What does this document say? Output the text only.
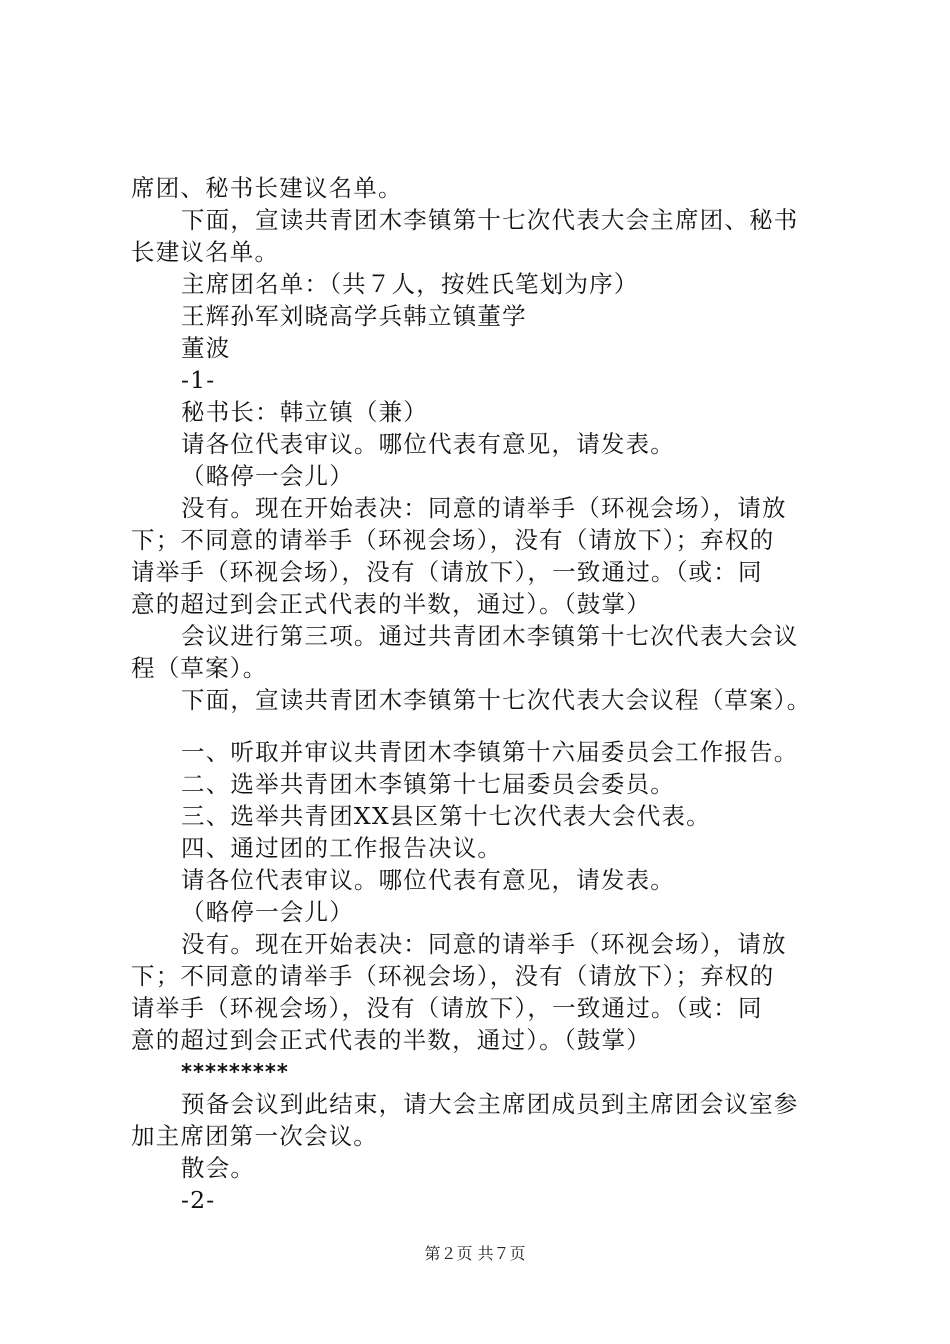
席团、秘书长建议名单。
下面，宣读共青团木李镇第十七次代表大会主席团、秘书
长建议名单。
主席团名单：（共７人，按姓氏笔划为序）
王辉孙军刘晓高学兵韩立镇董学
董波
-1-
秘书长：韩立镇（兼）
请各位代表审议。哪位代表有意见，请发表。
（略停一会儿）
没有。现在开始表决：同意的请举手（环视会场），请放
下；不同意的请举手（环视会场），没有（请放下）；弃权的
请举手（环视会场），没有（请放下），一致通过。（或：同
意的超过到会正式代表的半数，通过）。（鼓掌）
会议进行第三项。通过共青团木李镇第十七次代表大会议
程（草案）。
下面，宣读共青团木李镇第十七次代表大会议程（草案）。
一、听取并审议共青团木李镇第十六届委员会工作报告。
二、选举共青团木李镇第十七届委员会委员。
三、选举共青团XX县区第十七次代表大会代表。
四、通过团的工作报告决议。
请各位代表审议。哪位代表有意见，请发表。
（略停一会儿）
没有。现在开始表决：同意的请举手（环视会场），请放
下；不同意的请举手（环视会场），没有（请放下）；弃权的
请举手（环视会场），没有（请放下），一致通过。（或：同
意的超过到会正式代表的半数，通过）。（鼓掌）
*********
预备会议到此结束，请大会主席团成员到主席团会议室参
加主席团第一次会议。
散会。
-2-
第２页 共７页
